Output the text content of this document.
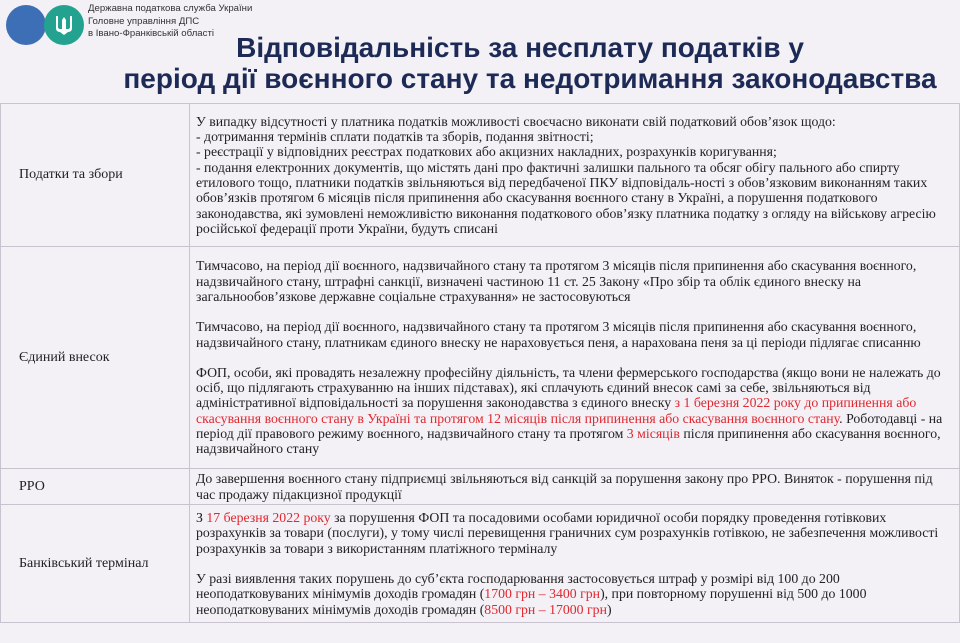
Державна податкова служба України
Головне управління ДПС
в Івано-Франківській області Відповідальність за несплату податків у
період дії воєнного стану та недотримання законодавства
Податки та збори	У випадку відсутності у платника податків можливості своєчасно виконати свій податковий обов’язок щодо:

- дотримання термінів сплати податків та зборів, подання звітності;

- реєстрації у відповідних реєстрах податкових або акцизних накладних, розрахунків коригування;

- подання електронних документів, що містять дані про фактичні залишки пального та обсяг обігу пального або спирту етилового тощо, платники податків звільняються від передбаченої ПКУ відповідаль-ності з обов’язковим виконанням таких обов’язків протягом 6 місяців після припинення або скасування воєнного стану в Україні, а порушення податкового законодавства, які зумовлені неможливістю виконання податкового обов’язку платника податку з огляду на військову агресію російської федерації проти України, будуть списані

Єдиний внесок	Тимчасово, на період дії воєнного, надзвичайного стану та протягом 3 місяців після припинення або скасування воєнного, надзвичайного стану, штрафні санкції, визначені частиною 11 ст. 25 Закону «Про збір та облік єдиного внеску на загальнообов’язкове державне соціальне страхування» не застосовуються

Тимчасово, на період дії воєнного, надзвичайного стану та протягом 3 місяців після припинення або скасування воєнного, надзвичайного стану, платникам єдиного внеску не нараховується пеня, а нарахована пеня за ці періоди підлягає списанню

ФОП, особи, які провадять незалежну професійну діяльність, та члени фермерського господарства (якщо вони не належать до осіб, що підлягають страхуванню на інших підставах), які сплачують єдиний внесок самі за себе, звільняються від адміністративної відповідальності за порушення законодавства з єдиного внеску з 1 березня 2022 року до припинення або скасування воєнного стану в Україні та протягом 12 місяців після припинення або скасування воєнного стану. Роботодавці - на період дії правового режиму воєнного, надзвичайного стану та протягом 3 місяців після припинення або скасування воєнного, надзвичайного стану

РРО	До завершення воєнного стану підприємці звільняються від санкцій за порушення закону про РРО. Виняток - порушення під час продажу підакцизної продукції

Банківський термінал	З 17 березня 2022 року за порушення ФОП та посадовими особами юридичної особи порядку проведення готівкових розрахунків за товари (послуги), у тому числі перевищення граничних сум розрахунків готівкою, не забезпечення можливості розрахунків за товари з використанням платіжного терміналу

У разі виявлення таких порушень до суб’єкта господарювання застосовується штраф у розмірі від 100 до 200 неоподатковуваних мінімумів доходів громадян (1700 грн – 3400 грн), при повторному порушенні від 500 до 1000 неоподатковуваних мінімумів доходів громадян (8500 грн – 17000 грн)
